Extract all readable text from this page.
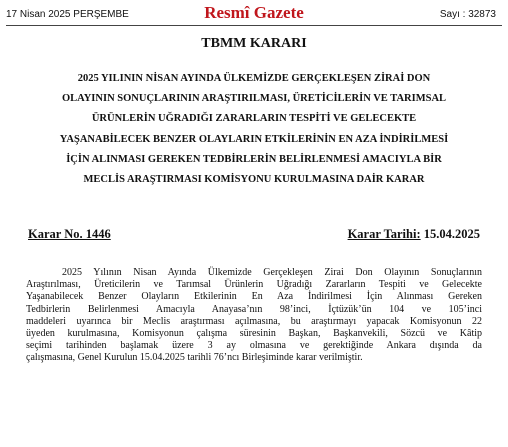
17 Nisan 2025 PERŞEMBE	Resmî Gazete	Sayı : 32873
TBMM KARARI
2025 YILININ NİSAN AYINDA ÜLKEMİZDE GERÇEKLEŞEN ZİRAİ DON
OLAYININ SONUÇLARININ ARAŞTIRILMASI, ÜRETİCİLERİN VE TARIMSAL
ÜRÜNLERİN UĞRADIĞI ZARARLARIN TESPİTİ VE GELECEKTE
YAŞANABİLECEK BENZER OLAYLARIN ETKİLERİNİN EN AZA İNDİRİLMESİ
İÇİN ALINMASI GEREKEN TEDBİRLERİN BELİRLENMESİ AMACIYLA BİR
MECLİS ARAŞTIRMASI KOMİSYONU KURULMASINA DAİR KARAR
Karar No. 1446	Karar Tarihi: 15.04.2025
2025 Yılının Nisan Ayında Ülkemizde Gerçekleşen Zirai Don Olayının Sonuçlarının
Araştırılması, Üreticilerin ve Tarımsal Ürünlerin Uğradığı Zararların Tespiti ve Gelecekte
Yaşanabilecek Benzer Olayların Etkilerinin En Aza İndirilmesi İçin Alınması Gereken
Tedbirlerin Belirlenmesi Amacıyla Anayasa’nın 98’inci, İçtüzük’ün 104 ve 105’inci
maddeleri uyarınca bir Meclis araştırması açılmasına, bu araştırmayı yapacak Komisyonun 22
üyeden kurulmasına, Komisyonun çalışma süresinin Başkan, Başkanvekili, Sözcü ve Kâtip
seçimi tarihinden başlamak üzere 3 ay olmasına ve gerektiğinde Ankara dışında da
çalışmasına, Genel Kurulun 15.04.2025 tarihli 76’ncı Birleşiminde karar verilmiştir.
